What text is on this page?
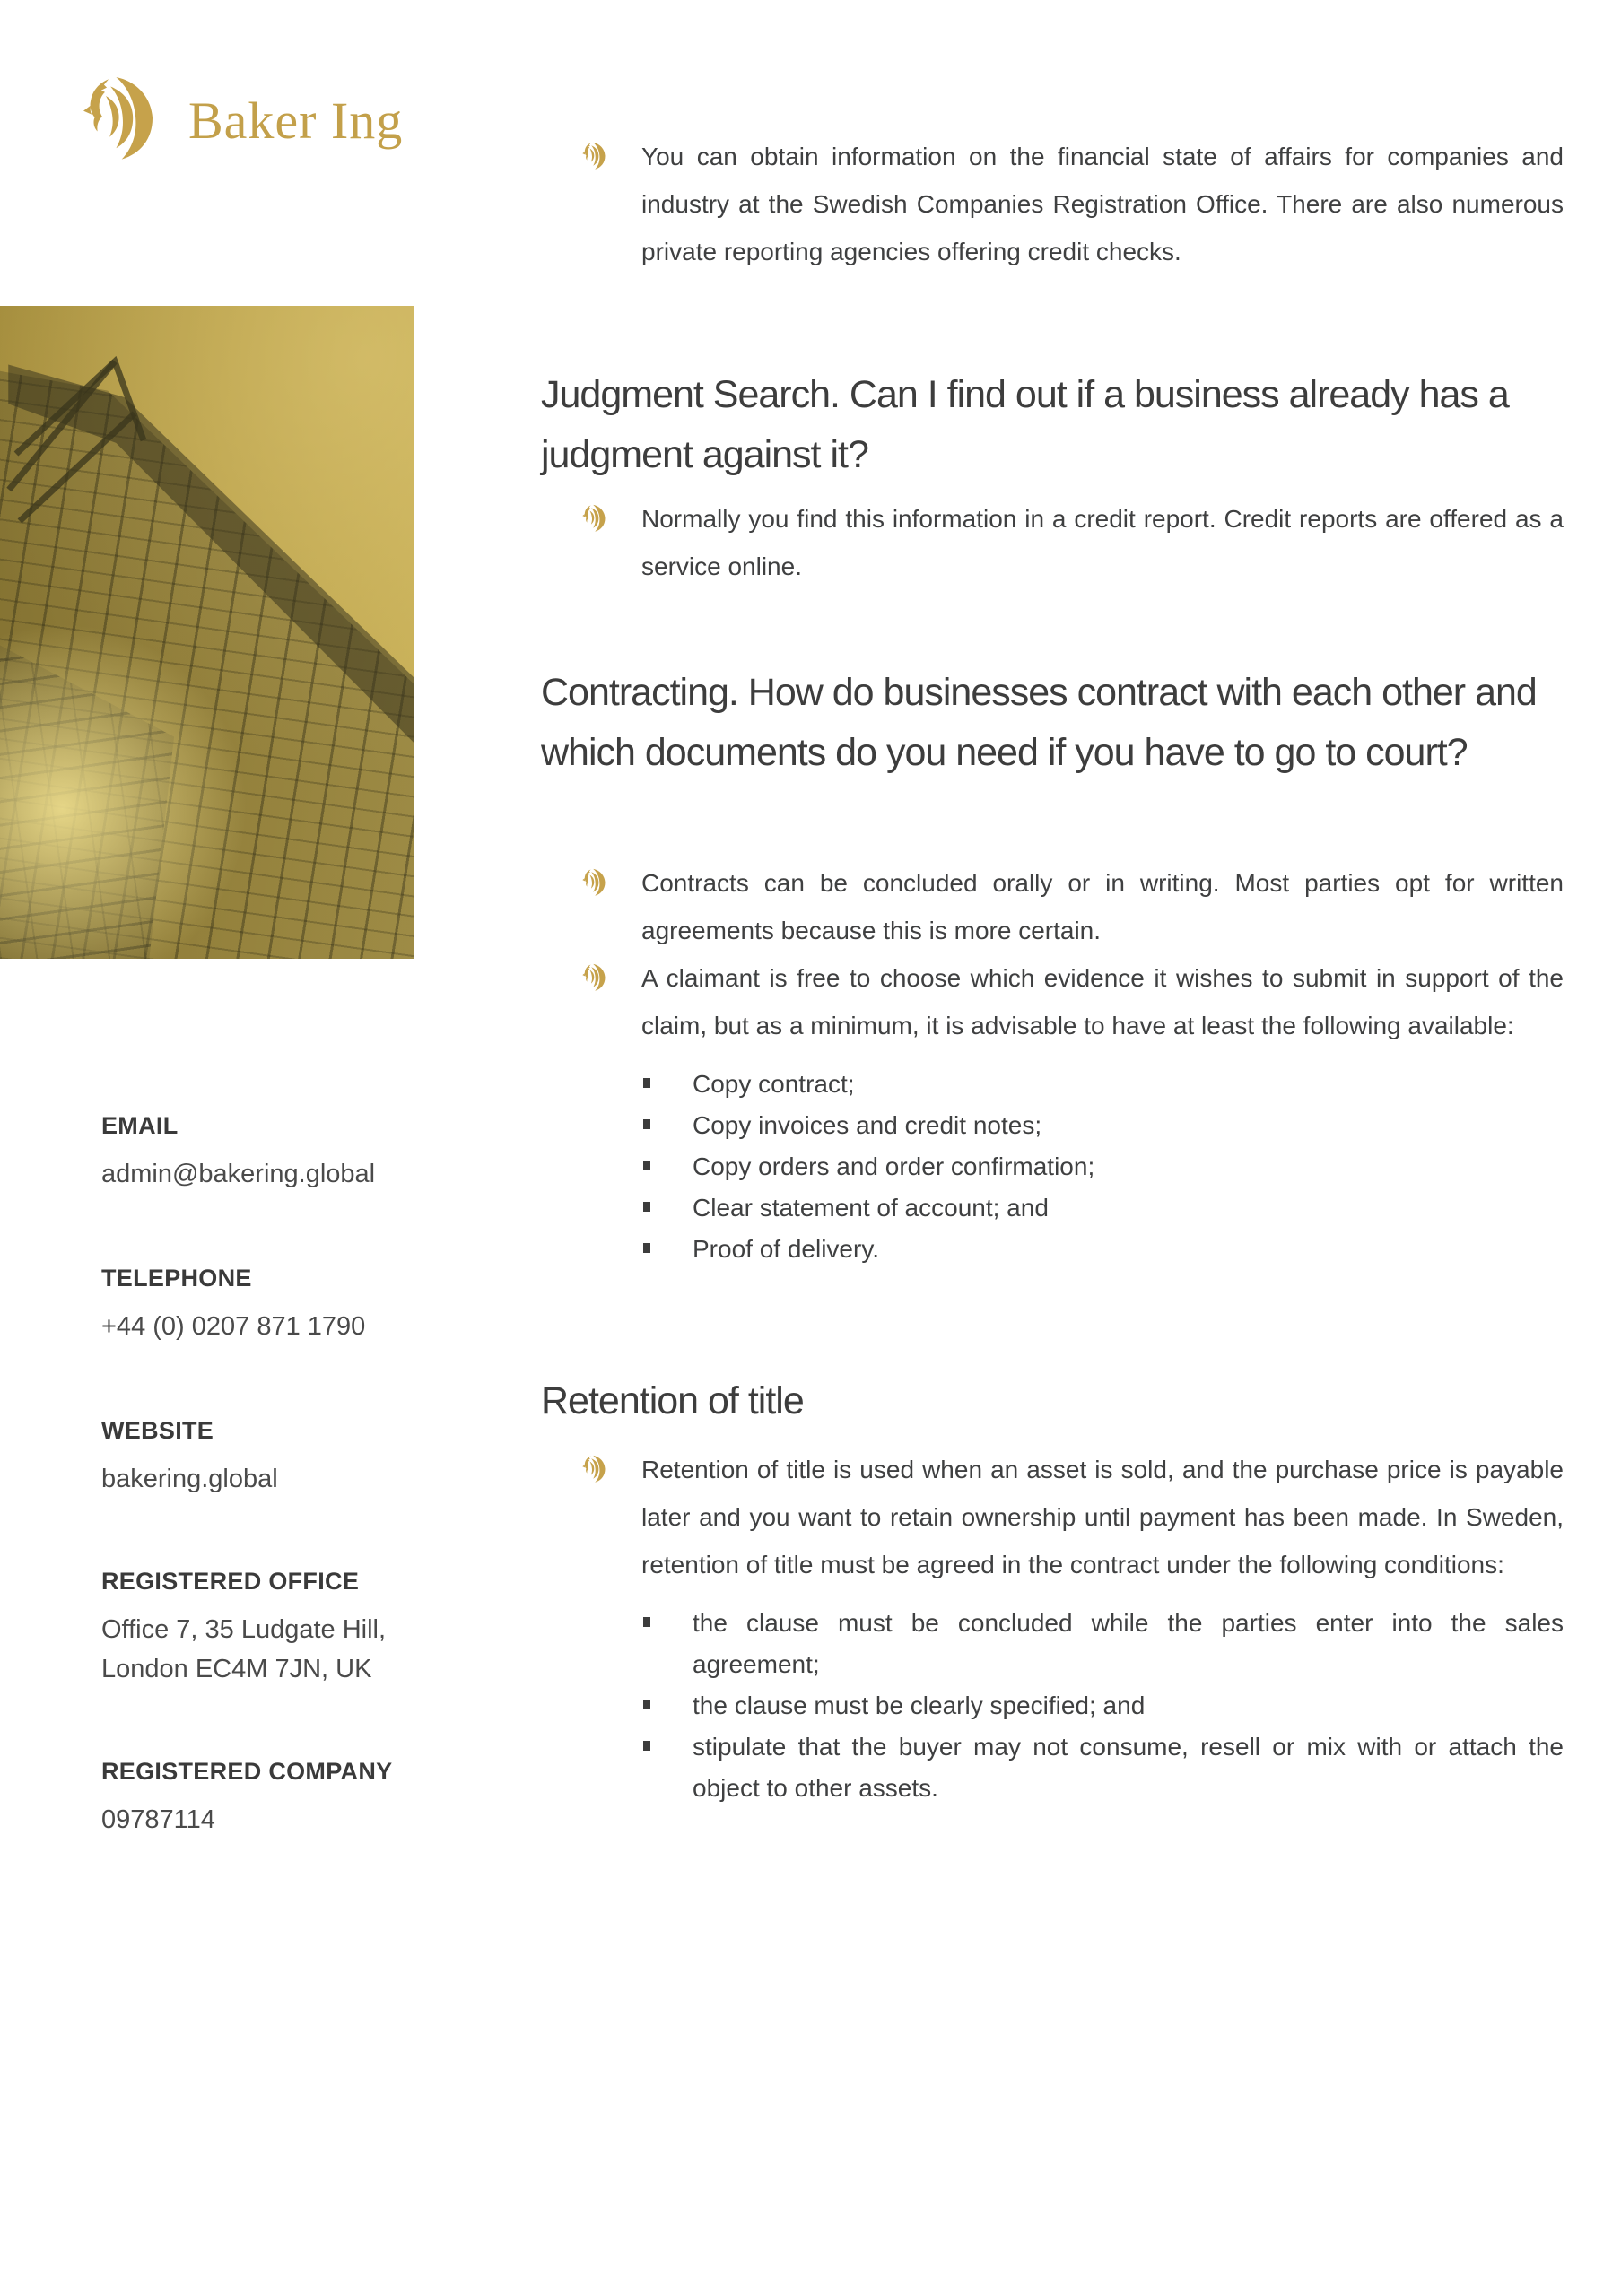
Baker Ing
EMAIL
admin@bakering.global
TELEPHONE
+44 (0) 0207 871 1790
WEBSITE
bakering.global
REGISTERED OFFICE
Office 7, 35 Ludgate Hill,
London EC4M 7JN, UK
REGISTERED COMPANY
09787114

You can obtain information on the financial state of affairs for companies and industry at the Swedish Companies Registration Office. There are also numerous private reporting agencies offering credit checks.

Judgment Search. Can I find out if a business already has a judgment against it?

Normally you find this information in a credit report. Credit reports are offered as a service online.

Contracting. How do businesses contract with each other and which documents do you need if you have to go to court?

Contracts can be concluded orally or in writing. Most parties opt for written agreements because this is more certain.

A claimant is free to choose which evidence it wishes to submit in support of the claim, but as a minimum, it is advisable to have at least the following available:

Copy contract;
Copy invoices and credit notes;
Copy orders and order confirmation;
Clear statement of account; and
Proof of delivery.
Retention of title

Retention of title is used when an asset is sold, and the purchase price is payable later and you want to retain ownership until payment has been made. In Sweden, retention of title must be agreed in the contract under the following conditions:

the clause must be concluded while the parties enter into the sales agreement;
the clause must be clearly specified; and
stipulate that the buyer may not consume, resell or mix with or attach the object to other assets.
